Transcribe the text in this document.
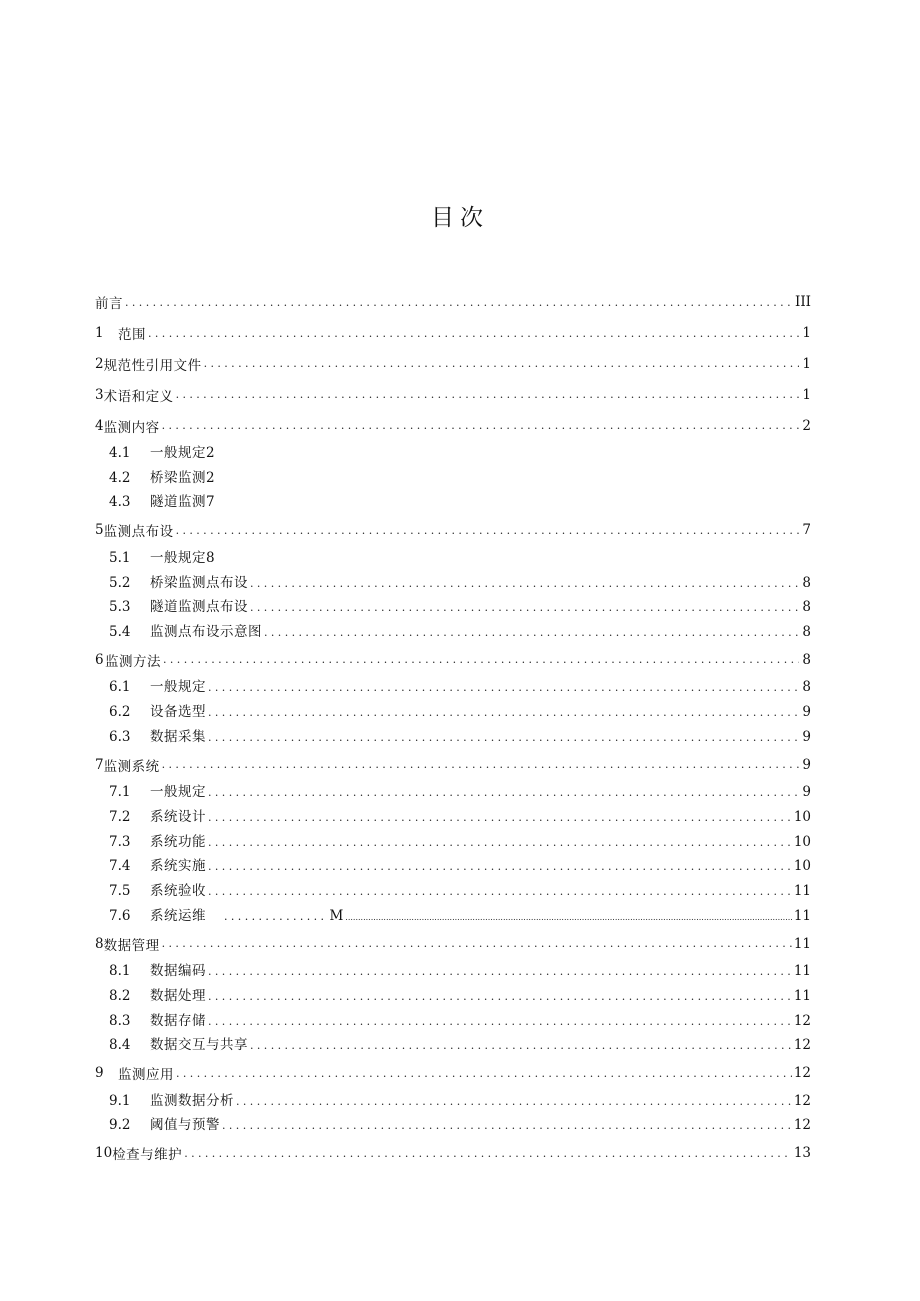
目次
前言 .....	III
1	范围 .....	1
2 规范性引用文件 .....	1
3 术语和定义 .....	1
4 监测内容 .....	2
4.1	一般规定2
4.2	桥梁监测2
4.3	隧道监测7
5 监测点布设 .....	7
5.1	一般规定8
5.2	桥梁监测点布设 .....	8
5.3	隧道监测点布设 .....	8
5.4	监测点布设示意图 .....	8
6 监测方法 .....	8
6.1	一般规定 .....	8
6.2	设备选型 .....	9
6.3	数据采集 .....	9
7 监测系统 .....	9
7.1	一般规定 .....	9
7.2	系统设计 .....	10
7.3	系统功能 .....	10
7.4	系统实施 .....	10
7.5	系统验收 .....	11
7.6	系统运维 ............... M .....	11
8 数据管理 .....	11
8.1	数据编码 .....	11
8.2	数据处理 .....	11
8.3	数据存储 .....	12
8.4	数据交互与共享 .....	12
9	监测应用 .....	12
9.1	监测数据分析 .....	12
9.2	阈值与预警 .....	12
10 检查与维护 .....	13
